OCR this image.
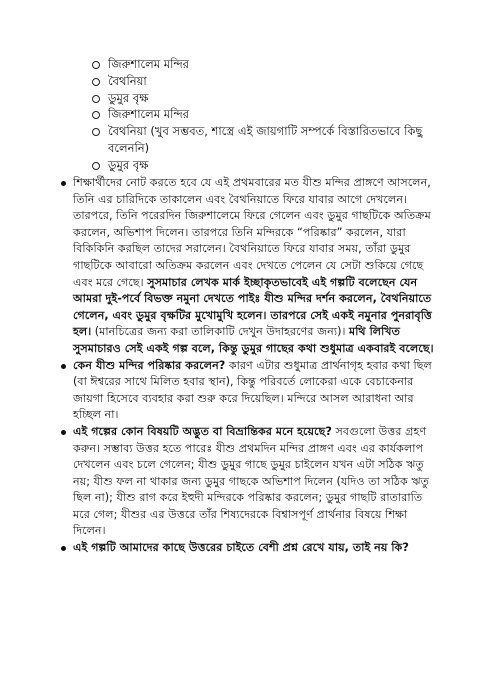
জিরুশালেম মন্দির
বৈথনিয়া
ডুমুর বৃক্ষ
জিরুশালেম মন্দির
বৈথনিয়া (খুব সম্ভবত, শাস্ত্রে এই জায়গাটি সম্পর্কে বিস্তারিতভাবে কিছু বলেননি)
ডুমুর বৃক্ষ
শিক্ষার্থীদের নোট করতে হবে যে এই প্রথমবারের মত যীশু মন্দির প্রাঙ্গণে আসলেন, তিনি এর চারিদিকে তাকালেন এবং বৈথনিয়াতে ফিরে যাবার আগে দেখলেন। তারপরে, তিনি পরেরদিন জিরুশালেমে ফিরে গেলেন এবং ডুমুর গাছটিকে অতিক্রম করলেন, অভিশাপ দিলেন। তারপরে তিনি মন্দিরকে “পরিষ্কার” করলেন, যারা বিকিকিনি করছিল তাদের সরালেন। বৈথনিয়াতে ফিরে যাবার সময়, তাঁরা ডুমুর গাছটিকে আবারো অতিক্রম করলেন এবং দেখতে পেলেন যে সেটা শুকিয়ে গেছে এবং মরে গেছে। সুসমাচার লেখক মার্ক ইচ্ছাকৃতভাবেই এই গল্পটি বলেছেন যেন আমরা দুই-পর্বে বিভক্ত নমুনা দেখতে পাইঃ যীশু মন্দির দর্শন করলেন, বৈথনিয়াতে গেলেন, এবং ডুমুর বৃক্ষটির মুখোমুখি হলেন। তারপরে সেই একই নমুনার পুনরাবৃত্তি হল। (মানচিত্রের জন্য করা তালিকাটি দেখুন উদাহরণের জন্য)। মথি লিখিত সুসমাচারও সেই একই গল্প বলে, কিন্তু ডুমুর গাছের কথা শুধুমাত্র একবারই বলেছে।
কেন যীশু মন্দির পরিষ্কার করলেন? কারণ এটার শুধুমাত্র প্রার্থনাগৃহ হবার কথা ছিল (বা ঈশ্বরের সাথে মিলিত হবার স্থান), কিন্তু পরিবর্তে লোকেরা একে বেচাকেনার জায়গা হিসেবে ব্যবহার করা শুরু করে দিয়েছিল। মন্দিরে আসল আরাধনা আর হচ্ছিল না।
এই গল্পের কোন বিষয়টি অদ্ভুত বা বিভ্রান্তিকর মনে হয়েছে? সবগুলো উত্তর গ্রহণ করুন। সম্ভাব্য উত্তর হতে পারেঃ যীশু প্রথমদিন মন্দির প্রাঙ্গণ এবং এর কার্যকলাপ দেখলেন এবং চলে গেলেন; যীশু ডুমুর গাছে ডুমুর চাইলেন যখন এটা সঠিক ঋতু নয়; যীশু ফল না থাকার জন্য ডুমুর গাছকে অভিশাপ দিলেন (যদিও তা সঠিক ঋতু ছিল না); যীশু রাগ করে ইহুদী মন্দিরকে পরিষ্কার করলেন; ডুমুর গাছটি রাতারাতি মরে গেল; যীশুর এর উত্তরে তাঁর শিষ্যদেরকে বিশ্বাসপূর্ণ প্রার্থনার বিষয়ে শিক্ষা দিলেন।
এই গল্পটি আমাদের কাছে উত্তরের চাইতে বেশী প্রশ্ন রেখে যায়, তাই নয় কি?
